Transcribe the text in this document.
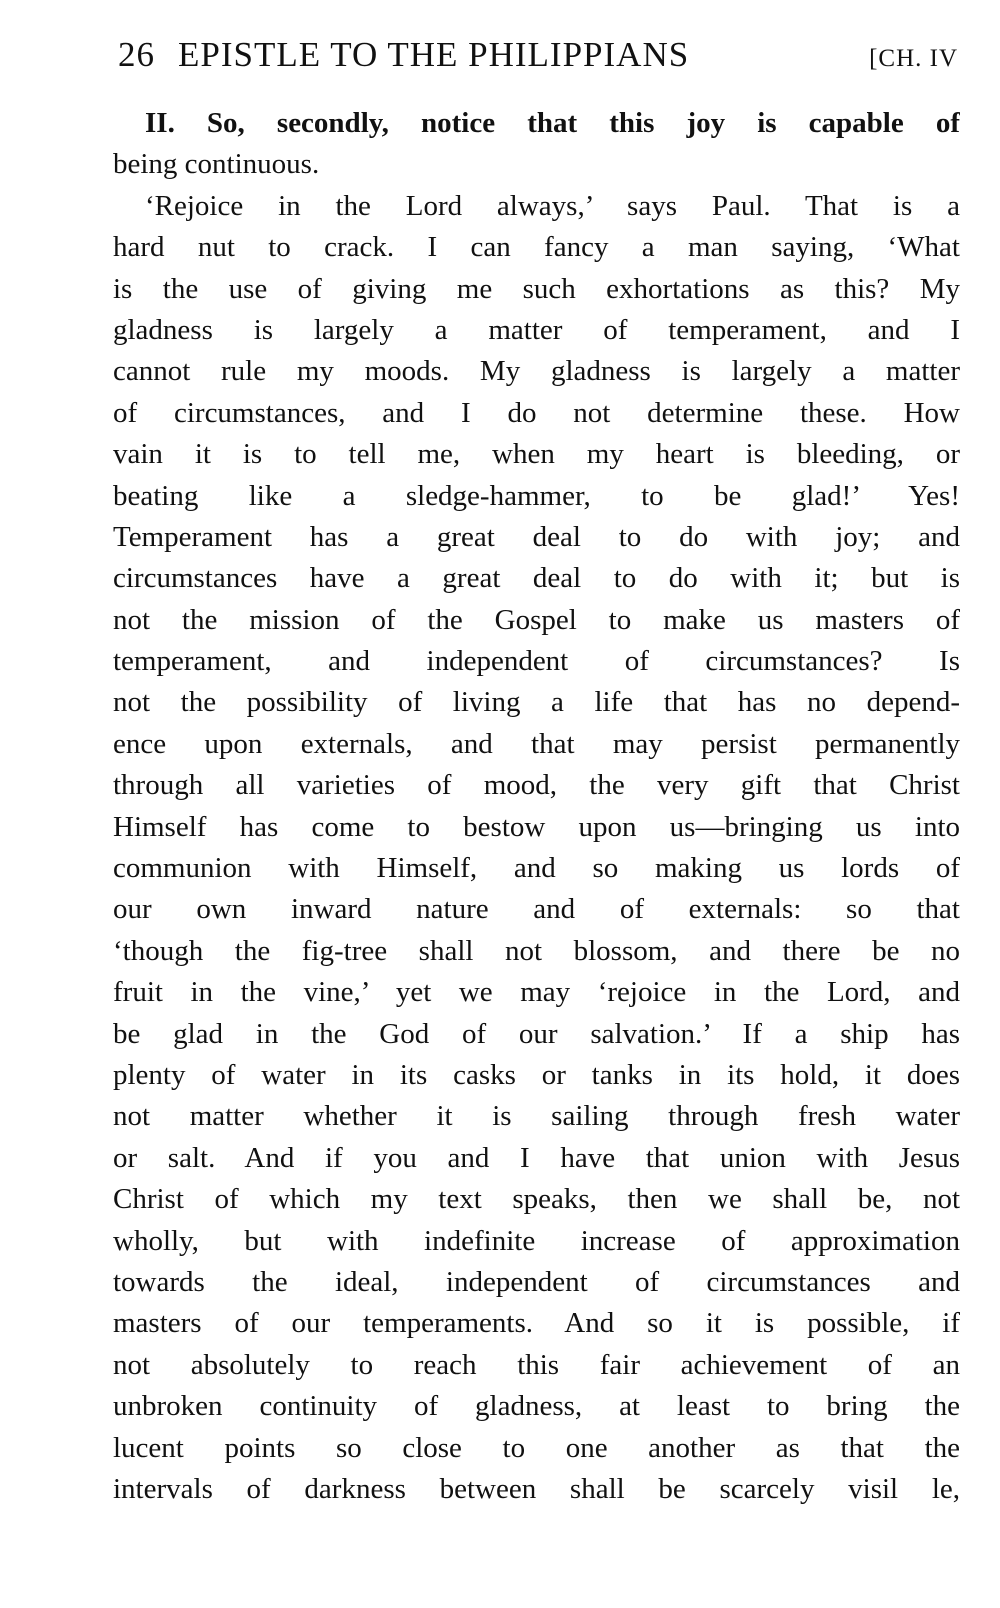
26 EPISTLE TO THE PHILIPPIANS	[CH. IV
II. So, secondly, notice that this joy is capable of
being continuous.
‘Rejoice in the Lord always,’ says Paul. That is a
hard nut to crack. I can fancy a man saying, ‘What
is the use of giving me such exhortations as this? My
gladness is largely a matter of temperament, and I
cannot rule my moods. My gladness is largely a matter
of circumstances, and I do not determine these. How
vain it is to tell me, when my heart is bleeding, or
beating like a sledge-hammer, to be glad!’ Yes!
Temperament has a great deal to do with joy; and
circumstances have a great deal to do with it; but is
not the mission of the Gospel to make us masters of
temperament, and independent of circumstances? Is
not the possibility of living a life that has no depend-
ence upon externals, and that may persist permanently
through all varieties of mood, the very gift that Christ
Himself has come to bestow upon us—bringing us into
communion with Himself, and so making us lords of
our own inward nature and of externals: so that
‘though the fig-tree shall not blossom, and there be no
fruit in the vine,’ yet we may ‘rejoice in the Lord, and
be glad in the God of our salvation.’ If a ship has
plenty of water in its casks or tanks in its hold, it does
not matter whether it is sailing through fresh water
or salt. And if you and I have that union with Jesus
Christ of which my text speaks, then we shall be, not
wholly, but with indefinite increase of approximation
towards the ideal, independent of circumstances and
masters of our temperaments. And so it is possible, if
not absolutely to reach this fair achievement of an
unbroken continuity of gladness, at least to bring the
lucent points so close to one another as that the
intervals of darkness between shall be scarcely visil le,
